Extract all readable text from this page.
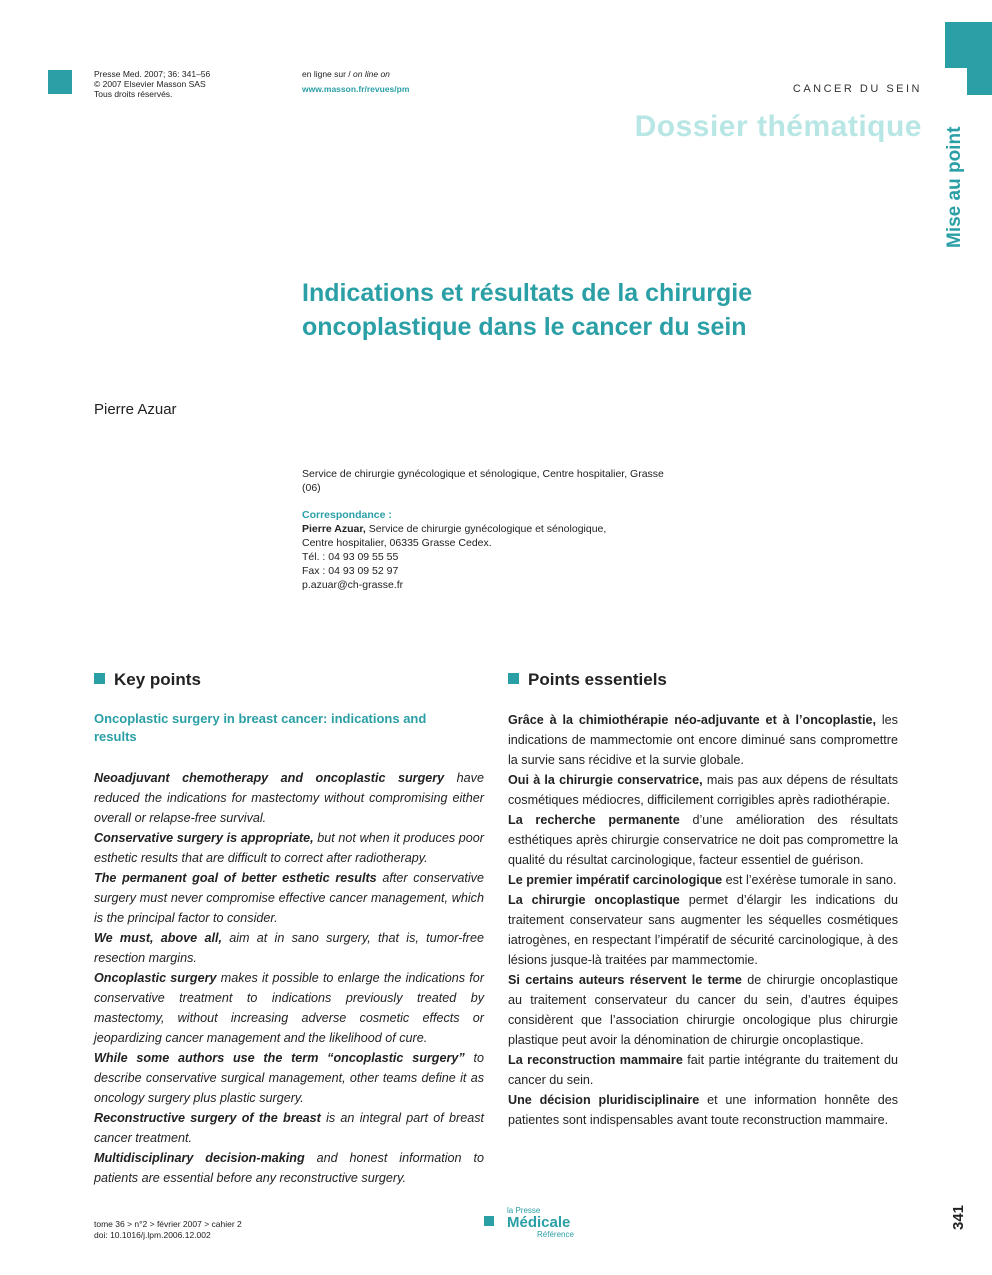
Presse Med. 2007; 36: 341–56
© 2007 Elsevier Masson SAS
Tous droits réservés.
en ligne sur / on line on
www.masson.fr/revues/pm	CANCER DU SEIN
Dossier thématique
Mise au point
Indications et résultats de la chirurgie oncoplastique dans le cancer du sein
Pierre Azuar
Service de chirurgie gynécologique et sénologique, Centre hospitalier, Grasse (06)
Correspondance :
Pierre Azuar, Service de chirurgie gynécologique et sénologique,
Centre hospitalier, 06335 Grasse Cedex.
Tél. : 04 93 09 55 55
Fax : 04 93 09 52 97
p.azuar@ch-grasse.fr
Key points	Points essentiels
Oncoplastic surgery in breast cancer: indications and results

Neoadjuvant chemotherapy and oncoplastic surgery have reduced the indications for mastectomy without compromising either overall or relapse-free survival.

Conservative surgery is appropriate, but not when it produces poor esthetic results that are difficult to correct after radiotherapy.

The permanent goal of better esthetic results after conservative surgery must never compromise effective cancer management, which is the principal factor to consider.

We must, above all, aim at in sano surgery, that is, tumor-free resection margins.

Oncoplastic surgery makes it possible to enlarge the indications for conservative treatment to indications previously treated by mastectomy, without increasing adverse cosmetic effects or jeopardizing cancer management and the likelihood of cure.

While some authors use the term “oncoplastic surgery” to describe conservative surgical management, other teams define it as oncology surgery plus plastic surgery.

Reconstructive surgery of the breast is an integral part of breast cancer treatment.

Multidisciplinary decision-making and honest information to patients are essential before any reconstructive surgery.

Grâce à la chimiothérapie néo-adjuvante et à l’oncoplastie, les indications de mammectomie ont encore diminué sans compromettre la survie sans récidive et la survie globale.

Oui à la chirurgie conservatrice, mais pas aux dépens de résultats cosmétiques médiocres, difficilement corrigibles après radiothérapie.

La recherche permanente d’une amélioration des résultats esthétiques après chirurgie conservatrice ne doit pas compromettre la qualité du résultat carcinologique, facteur essentiel de guérison.

Le premier impératif carcinologique est l’exérèse tumorale in sano.

La chirurgie oncoplastique permet d’élargir les indications du traitement conservateur sans augmenter les séquelles cosmétiques iatrogènes, en respectant l’impératif de sécurité carcinologique, à des lésions jusque-là traitées par mammectomie.

Si certains auteurs réservent le terme de chirurgie oncoplastique au traitement conservateur du cancer du sein, d’autres équipes considèrent que l’association chirurgie oncologique plus chirurgie plastique peut avoir la dénomination de chirurgie oncoplastique.

La reconstruction mammaire fait partie intégrante du traitement du cancer du sein.

Une décision pluridisciplinaire et une information honnête des patientes sont indispensables avant toute reconstruction mammaire.

tome 36 > n°2 > février 2007 > cahier 2
doi: 10.1016/j.lpm.2006.12.002
la Presse
Médicale
Référence
341
